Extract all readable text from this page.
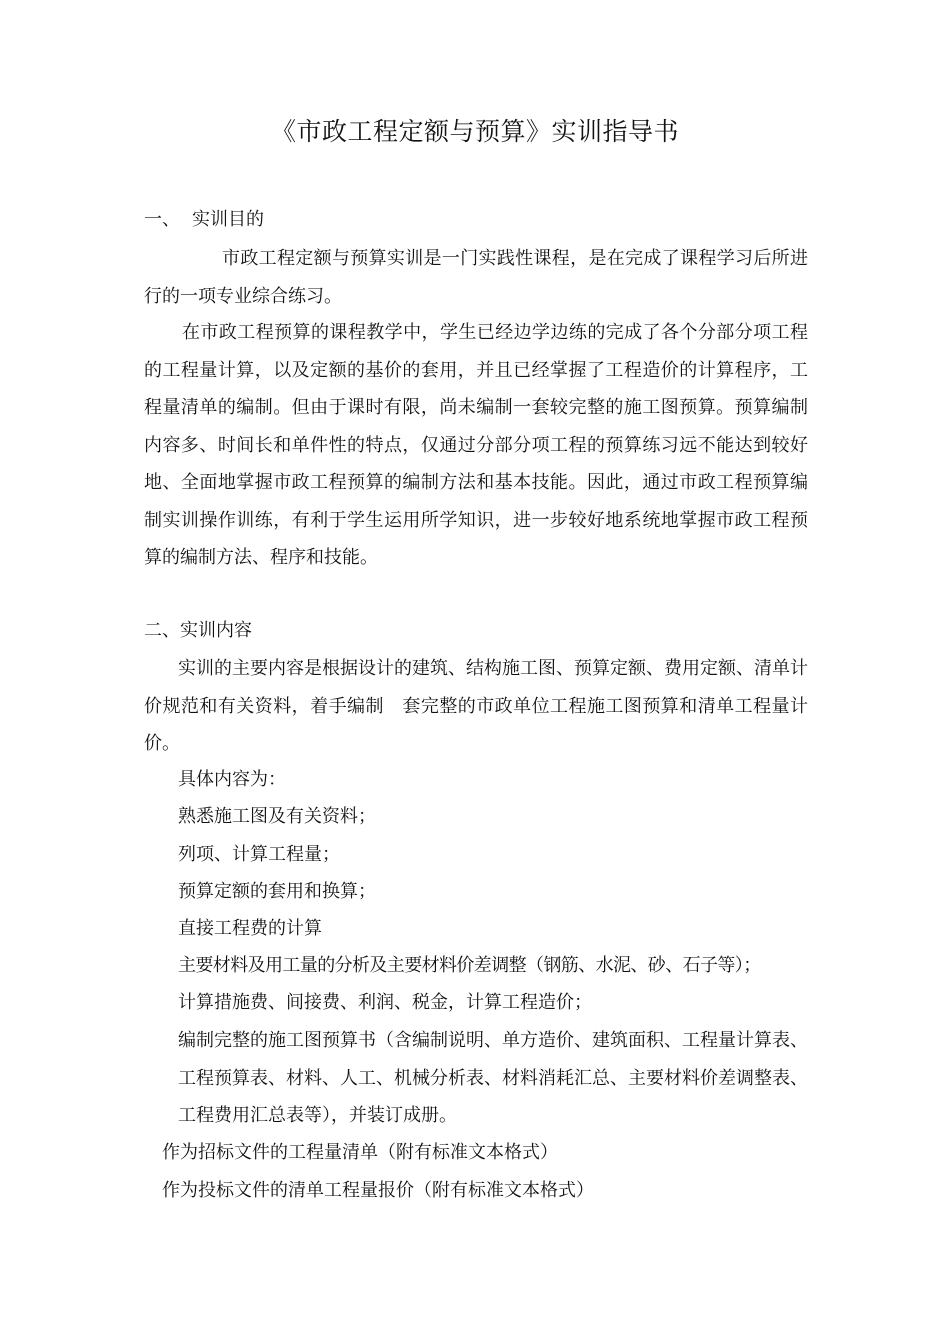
《市政工程定额与预算》实训指导书
一、 实训目的
市政工程定额与预算实训是一门实践性课程，是在完成了课程学习后所进行的一项专业综合练习。
在市政工程预算的课程教学中，学生已经边学边练的完成了各个分部分项工程的工程量计算，以及定额的基价的套用，并且已经掌握了工程造价的计算程序，工程量清单的编制。但由于课时有限，尚未编制一套较完整的施工图预算。预算编制内容多、时间长和单件性的特点，仅通过分部分项工程的预算练习远不能达到较好地、全面地掌握市政工程预算的编制方法和基本技能。因此，通过市政工程预算编制实训操作训练，有利于学生运用所学知识，进一步较好地系统地掌握市政工程预算的编制方法、程序和技能。
二、实训内容
实训的主要内容是根据设计的建筑、结构施工图、预算定额、费用定额、清单计价规范和有关资料，着手编制　套完整的市政单位工程施工图预算和清单工程量计价。
具体内容为：
熟悉施工图及有关资料；
列项、计算工程量；
预算定额的套用和换算；
直接工程费的计算
主要材料及用工量的分析及主要材料价差调整（钢筋、水泥、砂、石子等）；
计算措施费、间接费、利润、税金，计算工程造价；
编制完整的施工图预算书（含编制说明、单方造价、建筑面积、工程量计算表、工程预算表、材料、人工、机械分析表、材料消耗汇总、主要材料价差调整表、工程费用汇总表等），并装订成册。
作为招标文件的工程量清单（附有标准文本格式）
作为投标文件的清单工程量报价（附有标准文本格式）
